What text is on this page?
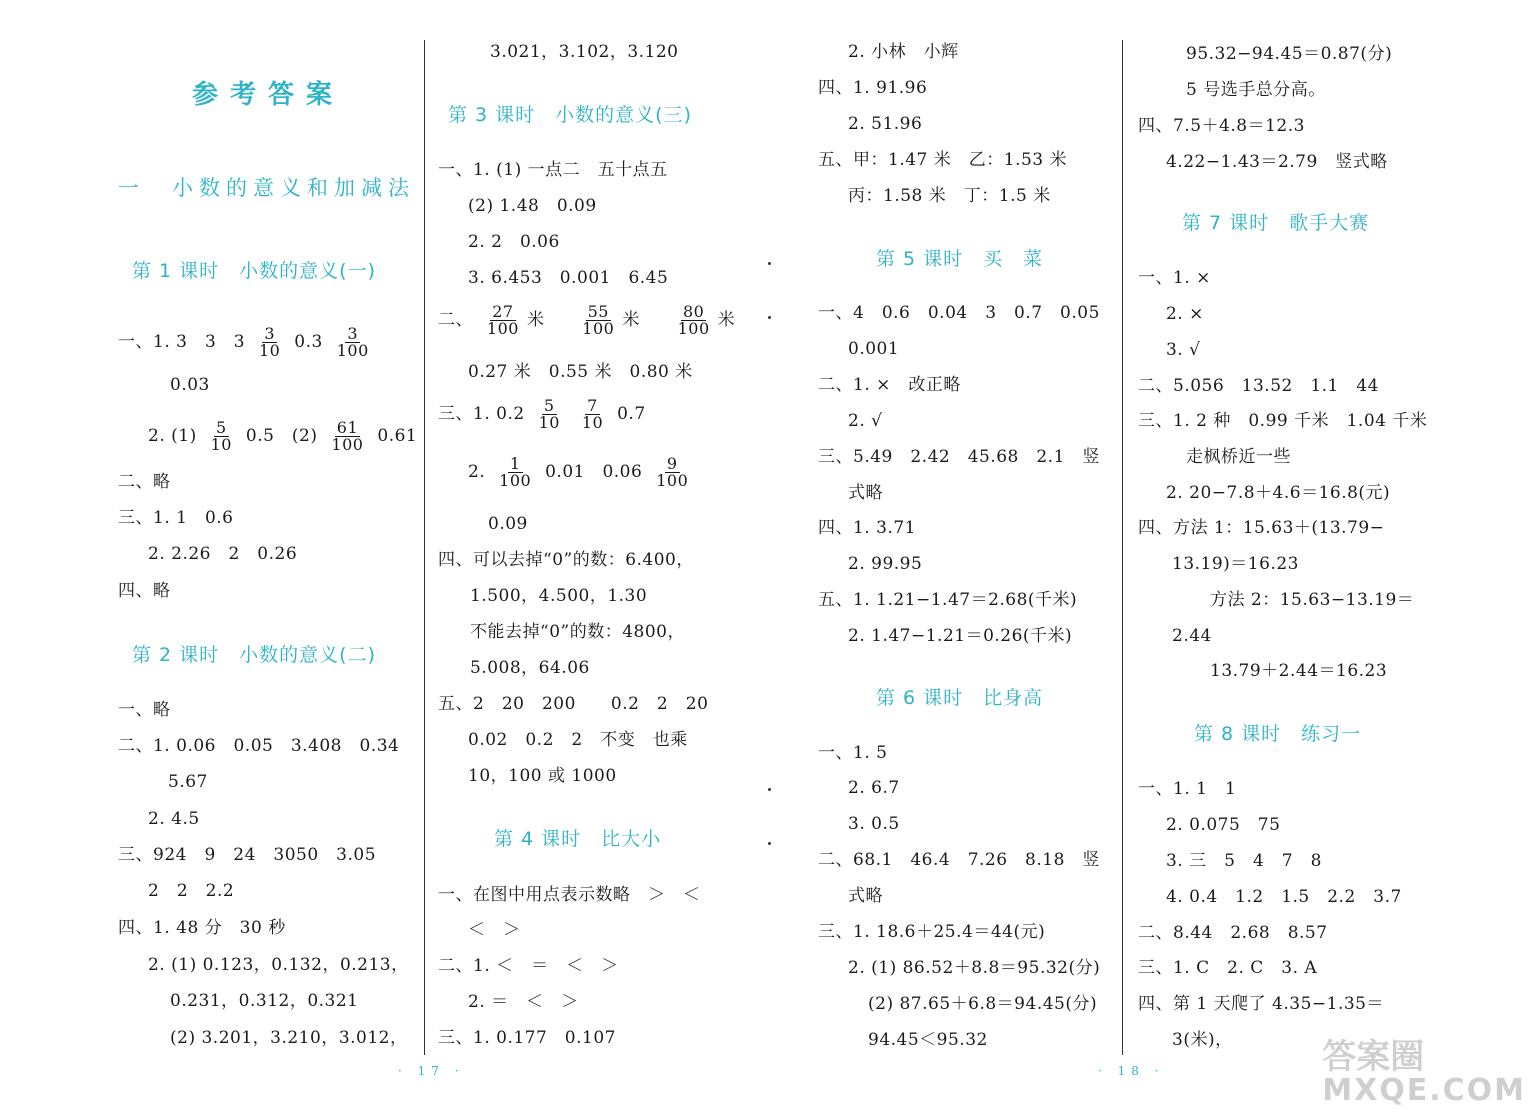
参考答案
一　小数的意义和加减法
第 1 课时　小数的意义(一)
一、1. 3　3　$3 \frac{3}{10} 0.3 \frac{3}{100}$
0.03
2. $(1) \frac{5}{10} 0.5$　$(2) \frac{61}{100} 0.61$
二、略
三、1. 1　0.6
2. 2.26　2　0.26
四、略
第 2 课时　小数的意义(二)
一、略
二、1. 0.06　0.05　3.408　0.34
5.67
2. 4.5
三、924　9　24　3050　3.05
2　2　2.2
四、1. 48 分　30 秒
2. (1) 0.123，0.132，0.213，
0.231，0.312，0.321
(2) 3.201，3.210，3.012，
3.021，3.102，3.120
第 3 课时　小数的意义(三)
一、1. (1) 一点二　五十点五
(2) 1.48　0.09
2. 2　0.06
3. 6.453　0.001　6.45
二、 $\frac{27}{100}$ 米 $\frac{55}{100}$ 米 $\frac{80}{100}$ 米
0.27 米　0.55 米　0.80 米
三、1. $0.2 \frac{5}{10}$
$\frac{7}{10} 0.7$
2. $\frac{1}{100} 0.01$　$0.06 \frac{9}{100}$
0.09
四、可以去掉“0”的数：6.400，
1.500，4.500，1.30
不能去掉“0”的数：4800，
5.008，64.06
五、2　20　200　　0.2　2　20
0.02　0.2　2　不变　也乘
10，100 或 1000
第 4 课时　比大小
一、在图中用点表示数略　＞　＜
＜　＞
二、1. ＜　＝　＜　＞
2. ＝　＜　＞
三、1. 0.177　0.107
2. 小林　小辉
四、1. 91.96
2. 51.96
五、甲：1.47 米　乙：1.53 米
丙：1.58 米　丁：1.5 米
第 5 课时　买　菜
一、4　0.6　0.04　3　0.7　0.05
0.001
二、1. ×　改正略
2. √
三、5.49　2.42　45.68　2.1　竖
式略
四、1. 3.71
2. 99.95
五、1. 1.21−1.47＝2.68(千米)
2. 1.47−1.21＝0.26(千米)
第 6 课时　比身高
一、1. 5
2. 6.7
3. 0.5
二、68.1　46.4　7.26　8.18　竖
式略
三、1. 18.6＋25.4＝44(元)
2. (1) 86.52＋8.8＝95.32(分)
(2) 87.65＋6.8＝94.45(分)
94.45＜95.32
95.32−94.45＝0.87(分)
5 号选手总分高。
四、7.5＋4.8＝12.3
4.22−1.43＝2.79　竖式略
第 7 课时　歌手大赛
一、1. ×
2. ×
3. √
二、5.056　13.52　1.1　44
三、1. 2 种　0.99 千米　1.04 千米
走枫桥近一些
2. 20−7.8＋4.6＝16.8(元)
四、方法 1：15.63＋(13.79−
13.19)＝16.23
方法 2：15.63−13.19＝
2.44
13.79＋2.44＝16.23
第 8 课时　练习一
一、1. 1　1
2. 0.075　75
3. 三　5　4　7　8
4. 0.4　1.2　1.5　2.2　3.7
二、8.44　2.68　8.57
三、1. C　2. C　3. A
四、第 1 天爬了 4.35−1.35＝
3(米)，
· 17 ·	· 18 ·	答案圈
MXQE.COM
